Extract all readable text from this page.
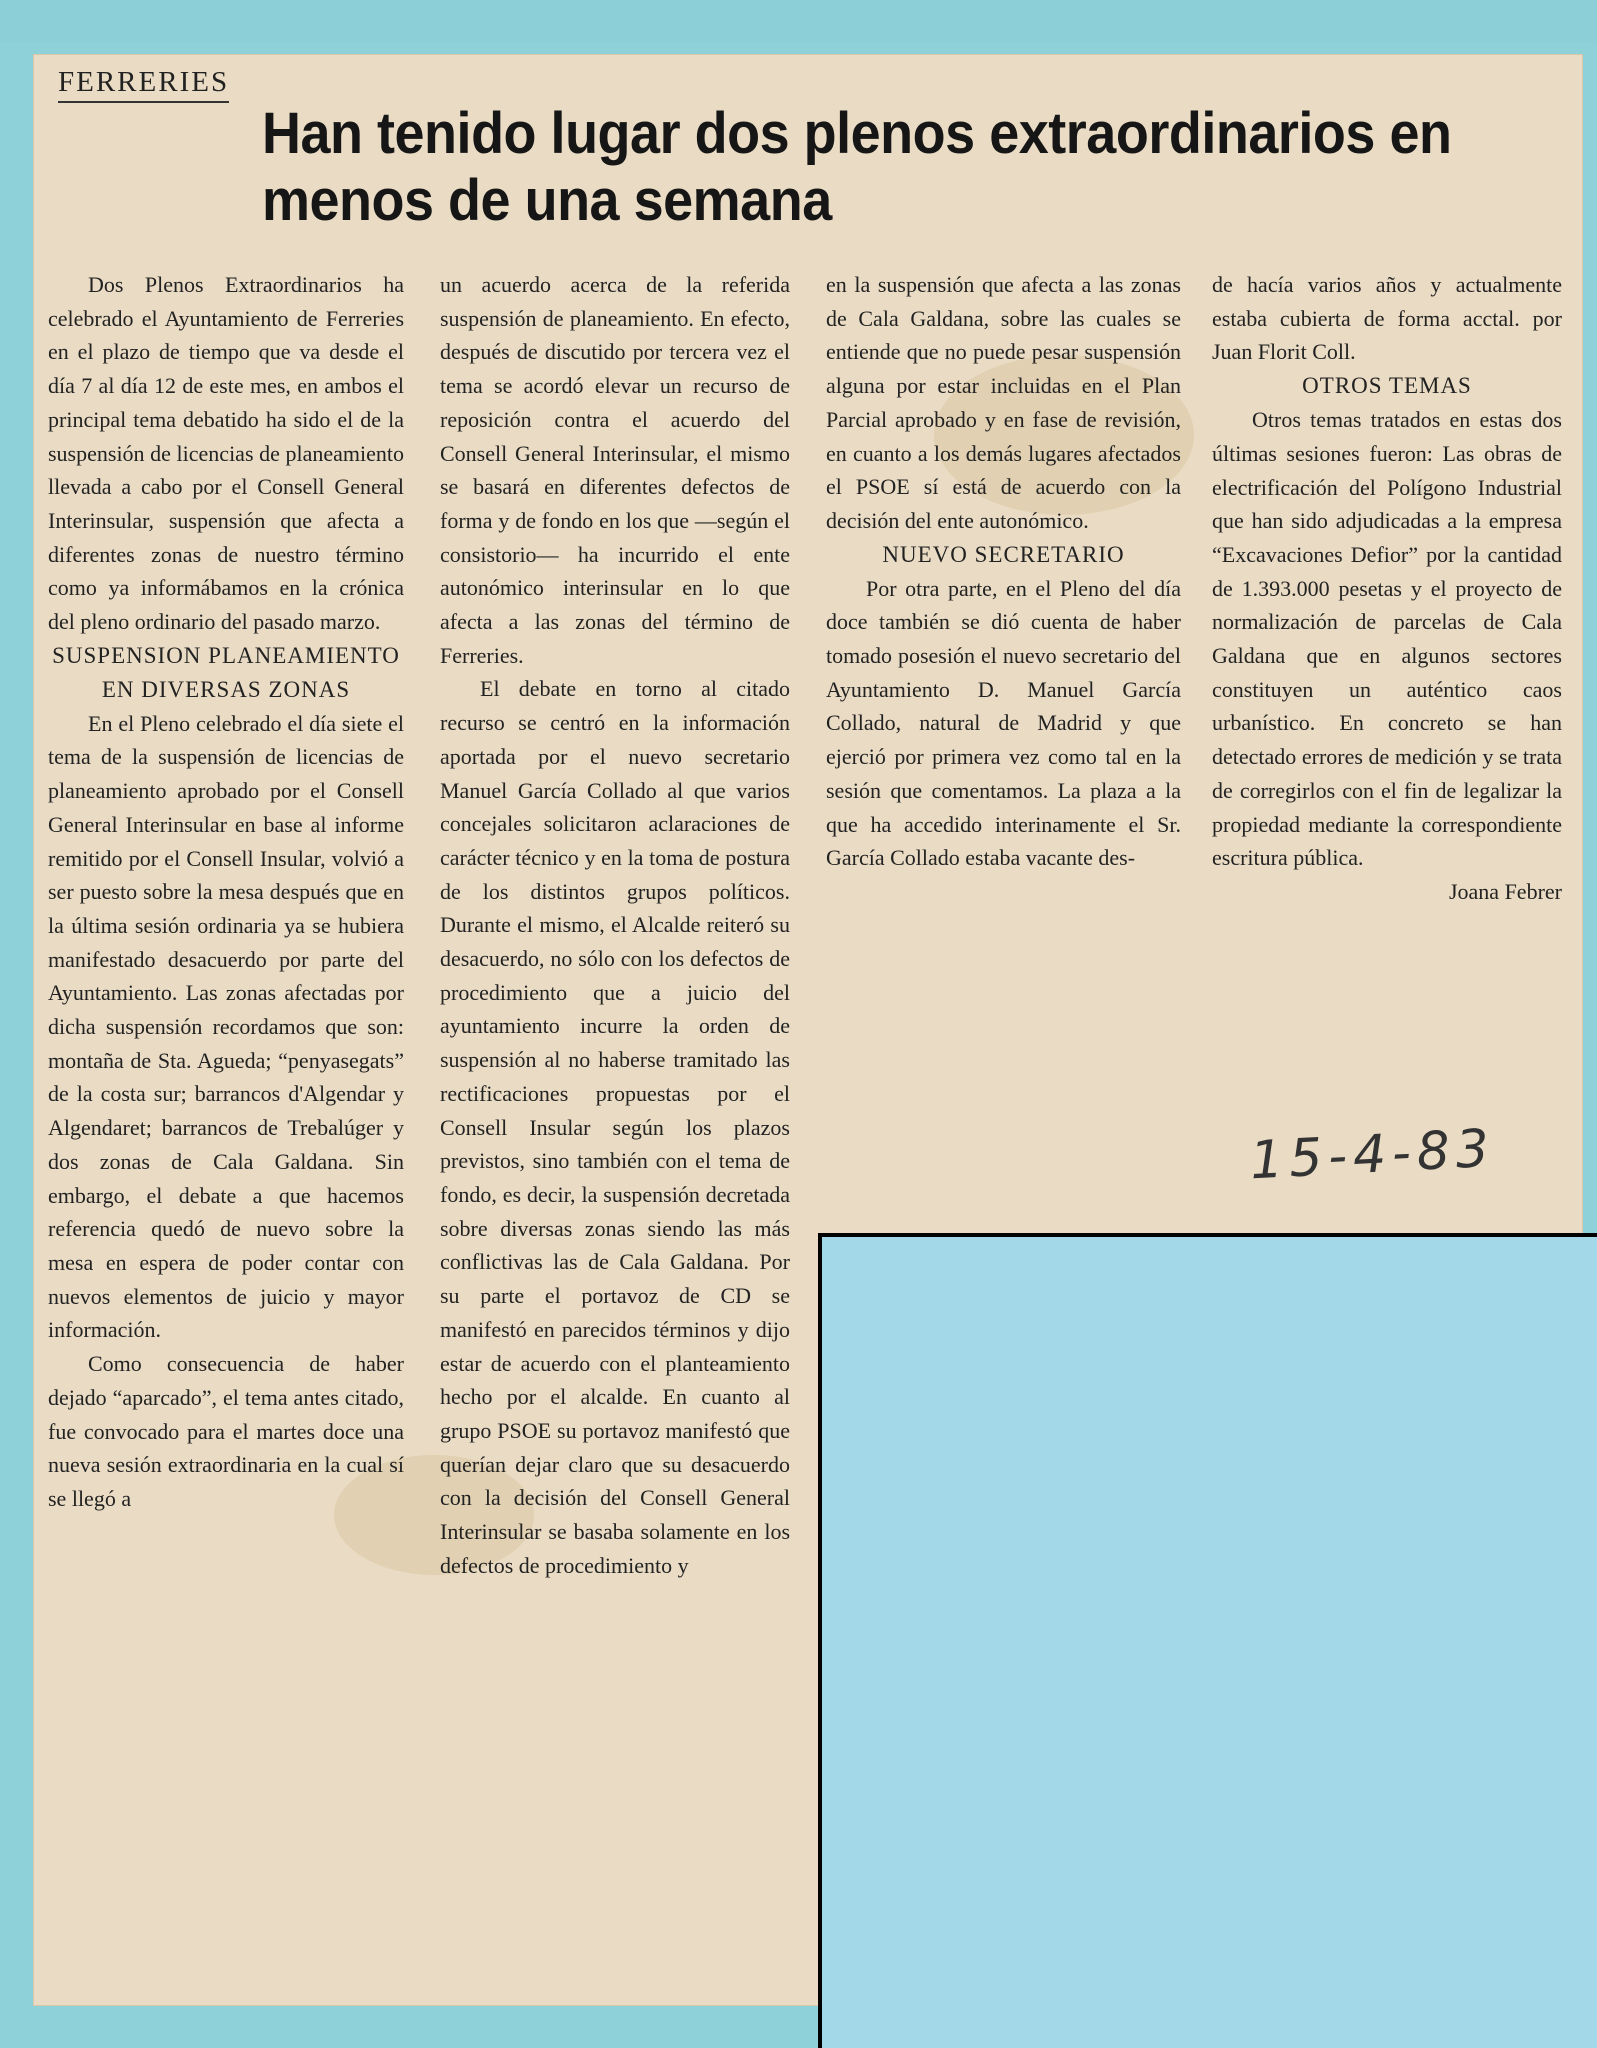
FERRERIES
Han tenido lugar dos plenos extraordinarios en menos de una semana

Dos Plenos Extraordinarios ha celebrado el Ayuntamiento de Ferreries en el plazo de tiempo que va desde el día 7 al día 12 de este mes, en ambos el principal tema debatido ha sido el de la suspensión de licencias de planeamiento llevada a cabo por el Consell General Interinsular, suspensión que afecta a diferentes zonas de nuestro término como ya informábamos en la crónica del pleno ordinario del pasado marzo.

SUSPENSION PLANEAMIENTO EN DIVERSAS ZONAS

En el Pleno celebrado el día siete el tema de la suspensión de licencias de planeamiento aprobado por el Consell General Interinsular en base al informe remitido por el Consell Insular, volvió a ser puesto sobre la mesa después que en la última sesión ordinaria ya se hubiera manifestado desacuerdo por parte del Ayuntamiento. Las zonas afectadas por dicha suspensión recordamos que son: montaña de Sta. Agueda; “penyasegats” de la costa sur; barrancos d'Algendar y Algendaret; barrancos de Trebalúger y dos zonas de Cala Galdana. Sin embargo, el debate a que hacemos referencia quedó de nuevo sobre la mesa en espera de poder contar con nuevos elementos de juicio y mayor información.

Como consecuencia de haber dejado “aparcado”, el tema antes citado, fue convocado para el martes doce una nueva sesión extraordinaria en la cual sí se llegó a

un acuerdo acerca de la referida suspensión de planeamiento. En efecto, después de discutido por tercera vez el tema se acordó elevar un recurso de reposición contra el acuerdo del Consell General Interinsular, el mismo se basará en diferentes defectos de forma y de fondo en los que —según el consistorio— ha incurrido el ente autonómico interinsular en lo que afecta a las zonas del término de Ferreries.

El debate en torno al citado recurso se centró en la información aportada por el nuevo secretario Manuel García Collado al que varios concejales solicitaron aclaraciones de carácter técnico y en la toma de postura de los distintos grupos políticos. Durante el mismo, el Alcalde reiteró su desacuerdo, no sólo con los defectos de procedimiento que a juicio del ayuntamiento incurre la orden de suspensión al no haberse tramitado las rectificaciones propuestas por el Consell Insular según los plazos previstos, sino también con el tema de fondo, es decir, la suspensión decretada sobre diversas zonas siendo las más conflictivas las de Cala Galdana. Por su parte el portavoz de CD se manifestó en parecidos términos y dijo estar de acuerdo con el planteamiento hecho por el alcalde. En cuanto al grupo PSOE su portavoz manifestó que querían dejar claro que su desacuerdo con la decisión del Consell General Interinsular se basaba solamente en los defectos de procedimiento y

en la suspensión que afecta a las zonas de Cala Galdana, sobre las cuales se entiende que no puede pesar suspensión alguna por estar incluidas en el Plan Parcial aprobado y en fase de revisión, en cuanto a los demás lugares afectados el PSOE sí está de acuerdo con la decisión del ente autonómico.

NUEVO SECRETARIO

Por otra parte, en el Pleno del día doce también se dió cuenta de haber tomado posesión el nuevo secretario del Ayuntamiento D. Manuel García Collado, natural de Madrid y que ejerció por primera vez como tal en la sesión que comentamos. La plaza a la que ha accedido interinamente el Sr. García Collado estaba vacante des-

de hacía varios años y actualmente estaba cubierta de forma acctal. por Juan Florit Coll.

OTROS TEMAS

Otros temas tratados en estas dos últimas sesiones fueron: Las obras de electrificación del Polígono Industrial que han sido adjudicadas a la empresa “Excavaciones Defior” por la cantidad de 1.393.000 pesetas y el proyecto de normalización de parcelas de Cala Galdana que en algunos sectores constituyen un auténtico caos urbanístico. En concreto se han detectado errores de medición y se trata de corregirlos con el fin de legalizar la propiedad mediante la correspondiente escritura pública.

Joana Febrer

15-4-83
